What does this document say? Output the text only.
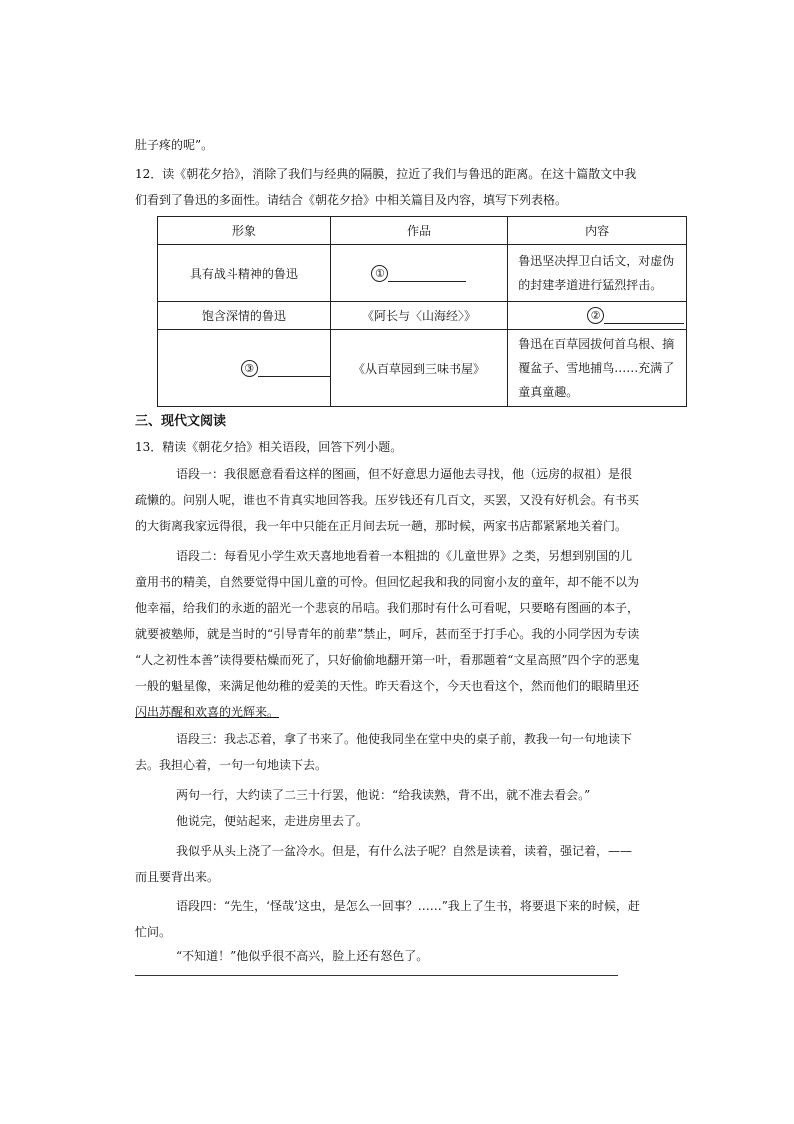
肚子疼的呢”。
12．读《朝花夕拾》，消除了我们与经典的隔膜，拉近了我们与鲁迅的距离。在这十篇散文中我
们看到了鲁迅的多面性。请结合《朝花夕拾》中相关篇目及内容，填写下列表格。
形象	作品	内容
具有战斗精神的鲁迅	①	鲁迅坚决捍卫白话文，对虚伪的封建孝道进行猛烈抨击。
饱含深情的鲁迅	《阿长与〈山海经〉》	②
③	《从百草园到三味书屋》	鲁迅在百草园拔何首乌根、摘覆盆子、雪地捕鸟……充满了童真童趣。
三、现代文阅读
13．精读《朝花夕拾》相关语段，回答下列小题。
语段一：我很愿意看看这样的图画，但不好意思力逼他去寻找，他（远房的叔祖）是很
疏懒的。问别人呢，谁也不肯真实地回答我。压岁钱还有几百文，买罢，又没有好机会。有书买
的大街离我家远得很，我一年中只能在正月间去玩一趟，那时候，两家书店都紧紧地关着门。
语段二：每看见小学生欢天喜地地看着一本粗拙的《儿童世界》之类，另想到别国的儿
童用书的精美，自然要觉得中国儿童的可怜。但回忆起我和我的同窗小友的童年，却不能不以为
他幸福，给我们的永逝的韶光一个悲哀的吊唁。我们那时有什么可看呢，只要略有图画的本子，
就要被塾师，就是当时的“引导青年的前辈”禁止，呵斥，甚而至于打手心。我的小同学因为专读
“人之初性本善”读得要枯燥而死了，只好偷偷地翻开第一叶，看那题着“文星高照”四个字的恶鬼
一般的魁星像，来满足他幼稚的爱美的天性。昨天看这个，今天也看这个，然而他们的眼睛里还
闪出苏醒和欢喜的光辉来。
语段三：我忐忑着，拿了书来了。他使我同坐在堂中央的桌子前，教我一句一句地读下
去。我担心着，一句一句地读下去。
两句一行，大约读了二三十行罢，他说：“给我读熟，背不出，就不准去看会。”
他说完，便站起来，走进房里去了。
我似乎从头上浇了一盆冷水。但是，有什么法子呢？自然是读着，读着，强记着，——
而且要背出来。
语段四：“先生，‘怪哉’这虫，是怎么一回事？……”我上了生书，将要退下来的时候，赶
忙问。
“不知道！”他似乎很不高兴，脸上还有怒色了。
